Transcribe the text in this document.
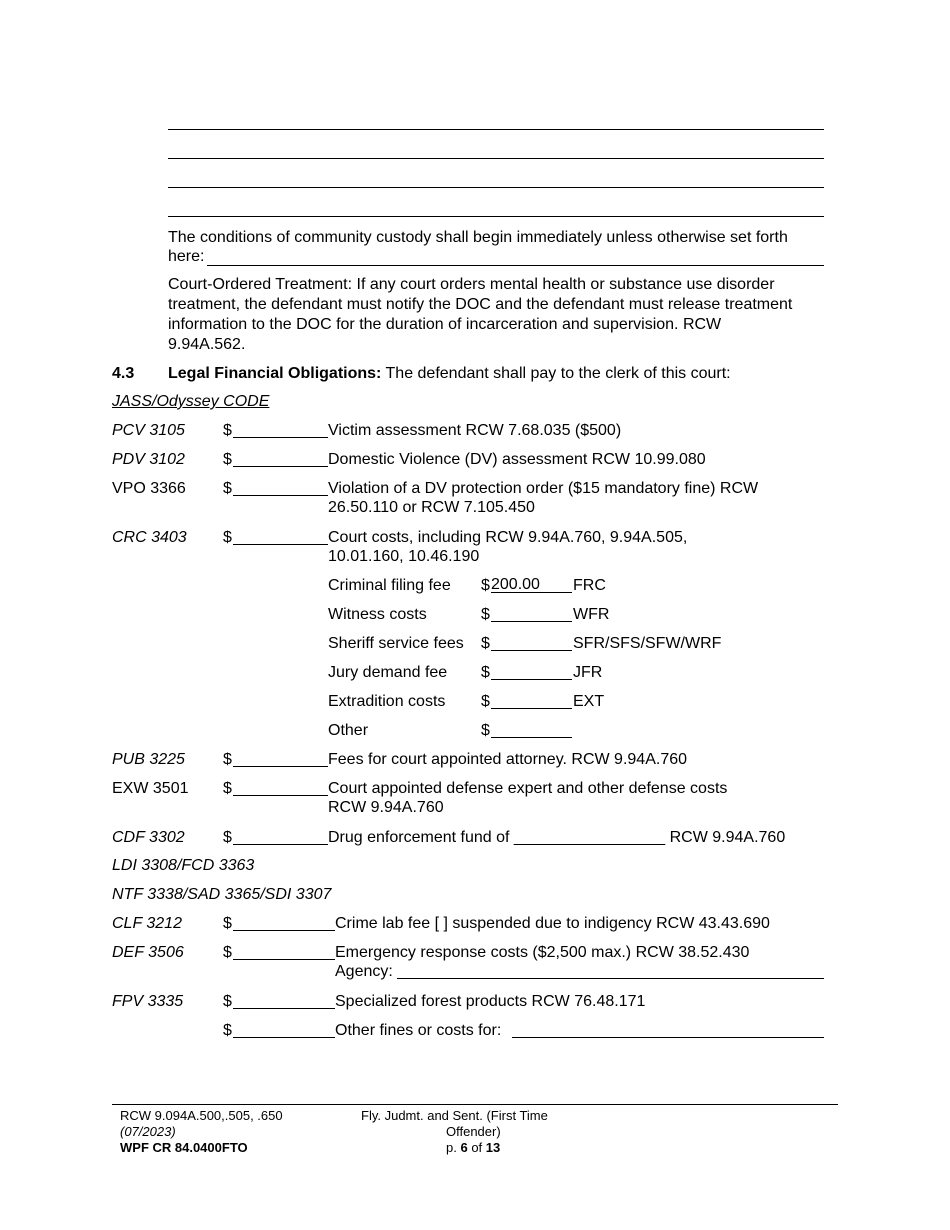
The conditions of community custody shall begin immediately unless otherwise set forth
here:
Court-Ordered Treatment: If any court orders mental health or substance use disorder
treatment, the defendant must notify the DOC and the defendant must release treatment
information to the DOC for the duration of incarceration and supervision. RCW
9.94A.562.
4.3 Legal Financial Obligations: The defendant shall pay to the clerk of this court:
JASS/Odyssey CODE
PCV 3105 $	Victim assessment RCW 7.68.035 ($500)
PDV 3102 $	Domestic Violence (DV) assessment RCW 10.99.080
VPO 3366 $	Violation of a DV protection order ($15 mandatory fine) RCW
26.50.110 or RCW 7.105.450
CRC 3403 $	Court costs, including RCW 9.94A.760, 9.94A.505,
10.01.160, 10.46.190
Criminal filing fee $ 200.00	FRC
Witness costs	$	WFR
Sheriff service fees $	SFR/SFS/SFW/WRF
Jury demand fee $	JFR
Extradition costs $	EXT
Other	$
PUB 3225 $	Fees for court appointed attorney. RCW 9.94A.760
EXW 3501 $	Court appointed defense expert and other defense costs
RCW 9.94A.760
CDF 3302 $	Drug enforcement fund of _________________ RCW 9.94A.760
LDI 3308/FCD 3363
NTF 3338/SAD 3365/SDI 3307
CLF 3212	$	Crime lab fee [ ] suspended due to indigency RCW 43.43.690
DEF 3506 $	Emergency response costs ($2,500 max.) RCW 38.52.430
Agency:
FPV 3335 $	Specialized forest products RCW 76.48.171
$	Other fines or costs for:
RCW 9.094A.500,.505, .650
(07/2023)
WPF CR 84.0400FTO
Fly. Judmt. and Sent. (First Time
Offender)
p. 6 of 13
